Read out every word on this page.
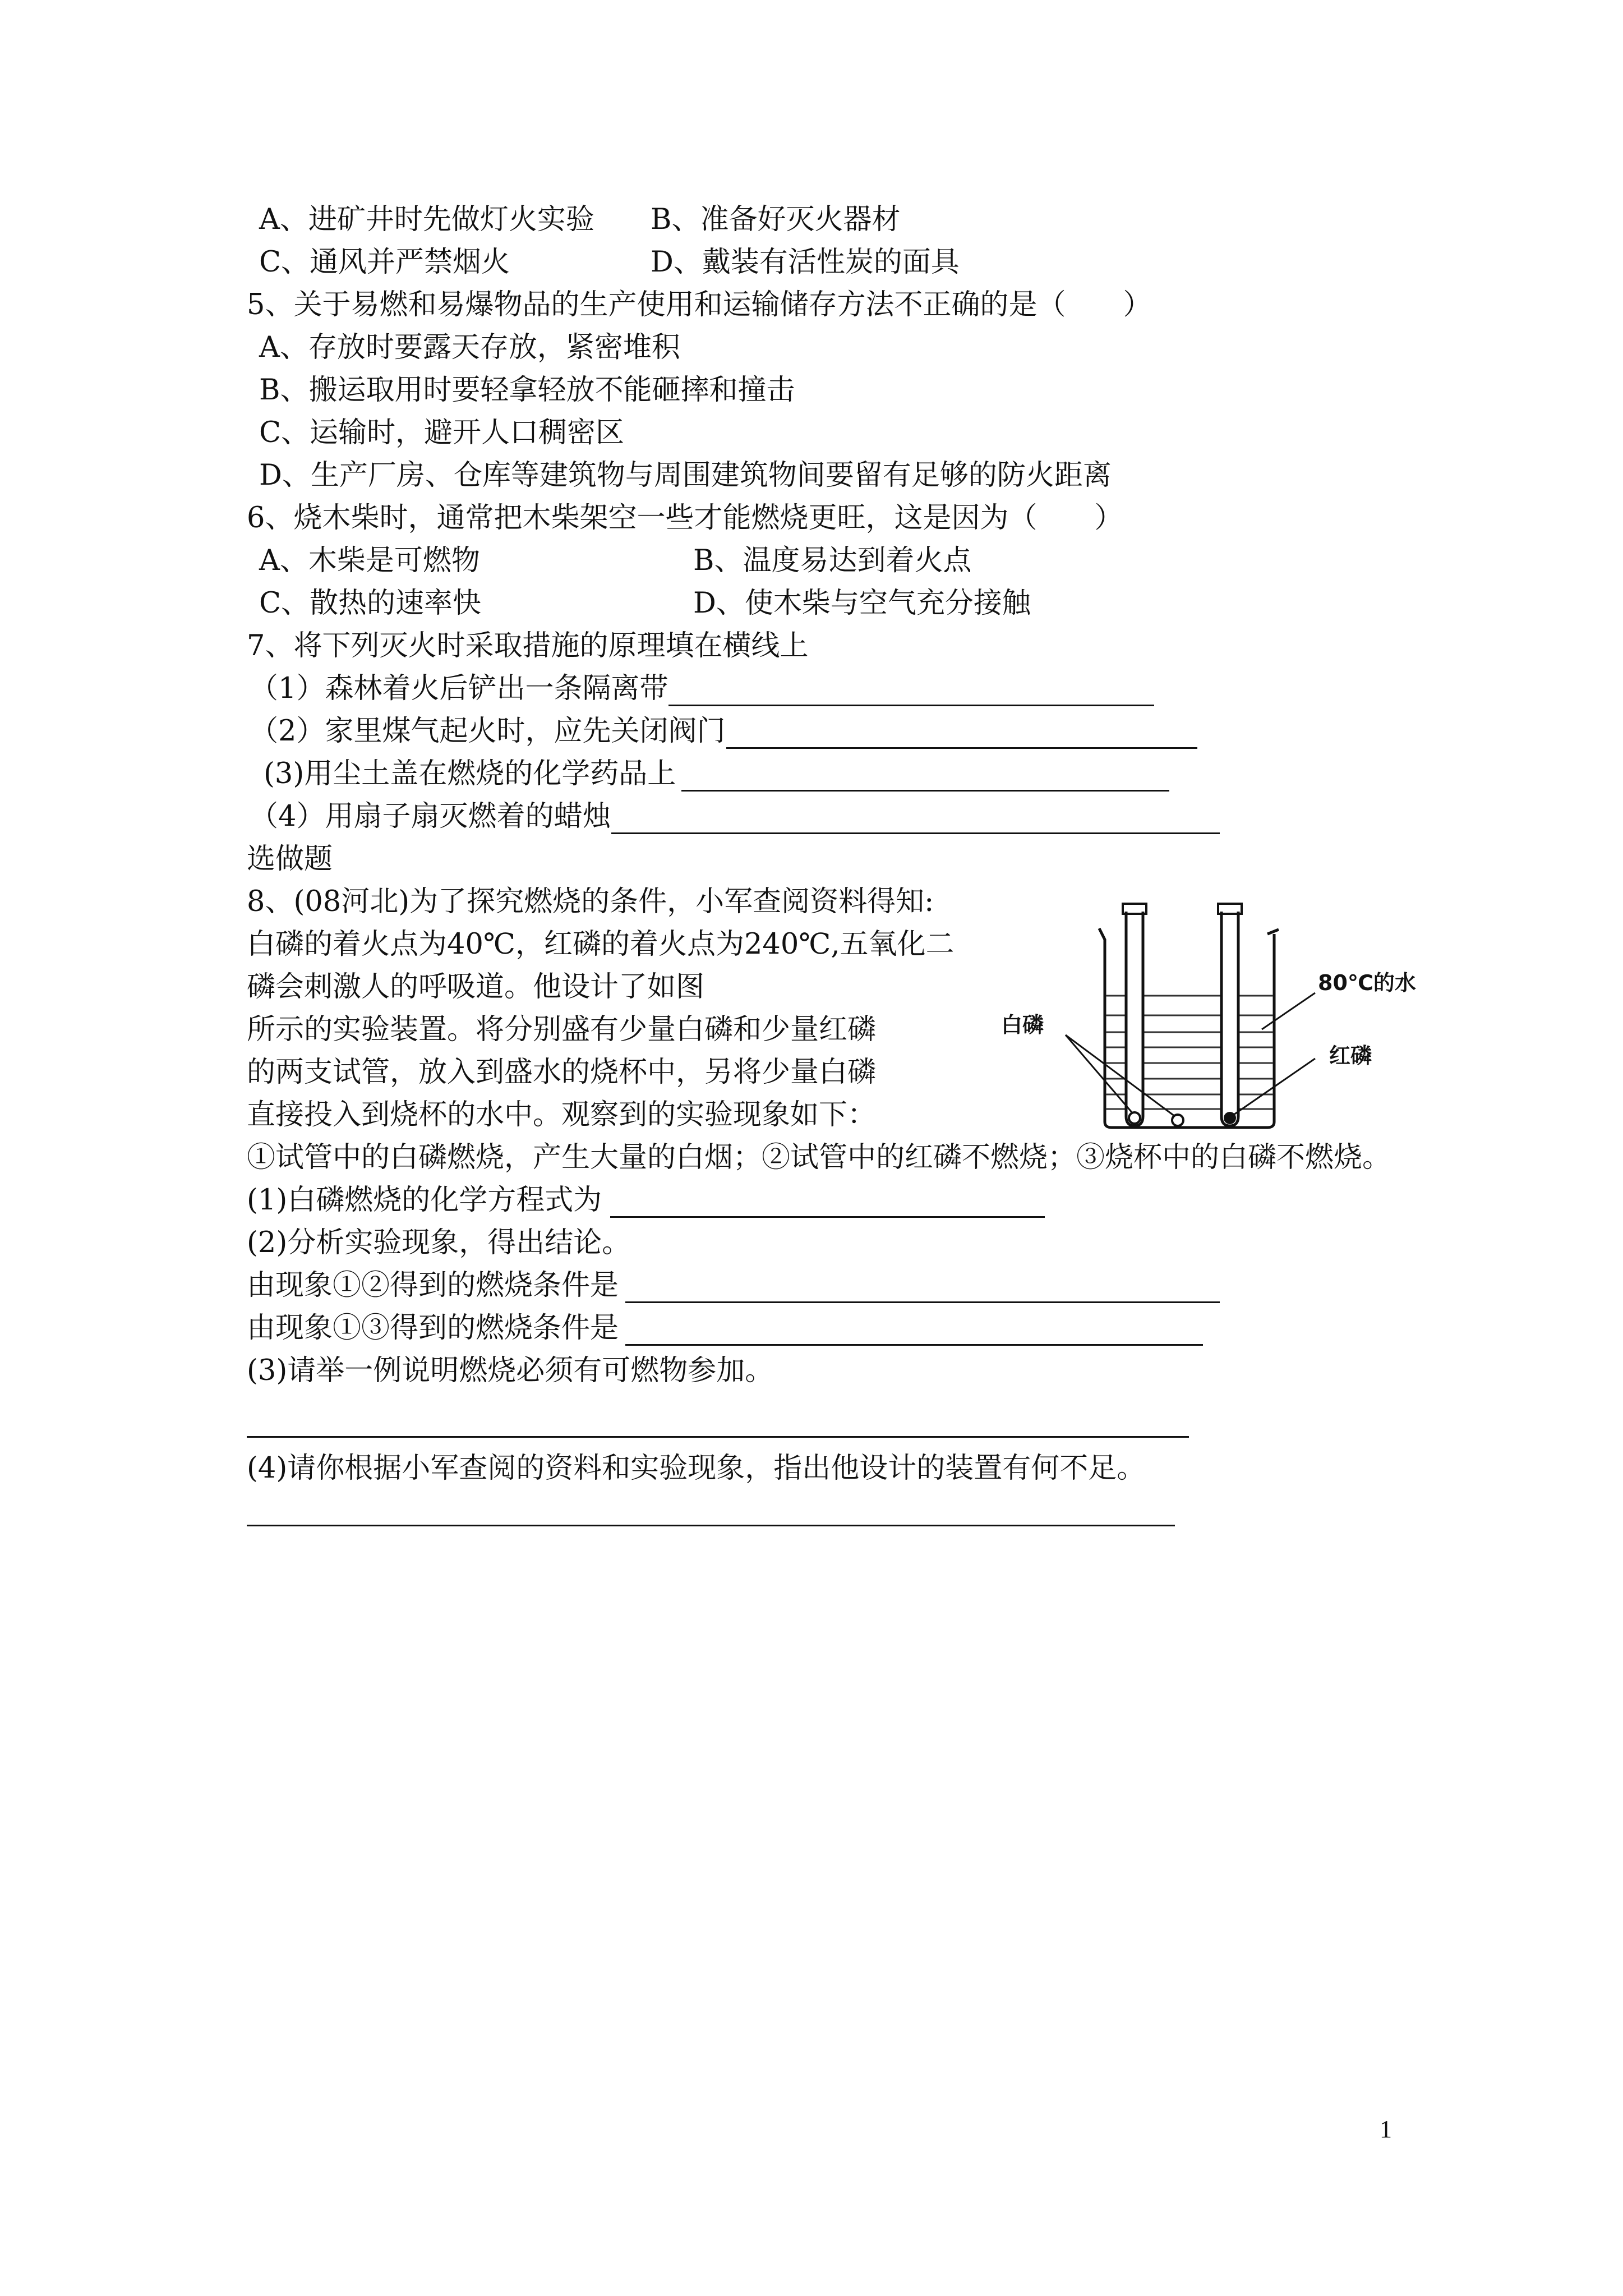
A、进矿井时先做灯火实验 B、准备好灭火器材
C、通风并严禁烟火	D、戴装有活性炭的面具
5、关于易燃和易爆物品的生产使用和运输储存方法不正确的是（　　）
A、存放时要露天存放，紧密堆积
B、搬运取用时要轻拿轻放不能砸摔和撞击
C、运输时，避开人口稠密区
D、生产厂房、仓库等建筑物与周围建筑物间要留有足够的防火距离
6、烧木柴时，通常把木柴架空一些才能燃烧更旺，这是因为（　　）
A、木柴是可燃物	B、温度易达到着火点
C、散热的速率快	D、使木柴与空气充分接触
7、将下列灭火时采取措施的原理填在横线上
（1）森林着火后铲出一条隔离带
（2）家里煤气起火时，应先关闭阀门
(3)用尘土盖在燃烧的化学药品上
（4）用扇子扇灭燃着的蜡烛
选做题
8、(08河北)为了探究燃烧的条件，小军查阅资料得知:
白磷的着火点为40℃，红磷的着火点为240℃,五氧化二
磷会刺激人的呼吸道。他设计了如图
所示的实验装置。将分别盛有少量白磷和少量红磷
的两支试管，放入到盛水的烧杯中，另将少量白磷
直接投入到烧杯的水中。观察到的实验现象如下：
白磷
80℃的水
红磷
①试管中的白磷燃烧，产生大量的白烟；②试管中的红磷不燃烧；③烧杯中的白磷不燃烧。
(1)白磷燃烧的化学方程式为
(2)分析实验现象，得出结论。
由现象①②得到的燃烧条件是
由现象①③得到的燃烧条件是
(3)请举一例说明燃烧必须有可燃物参加。
(4)请你根据小军查阅的资料和实验现象，指出他设计的装置有何不足。
1
